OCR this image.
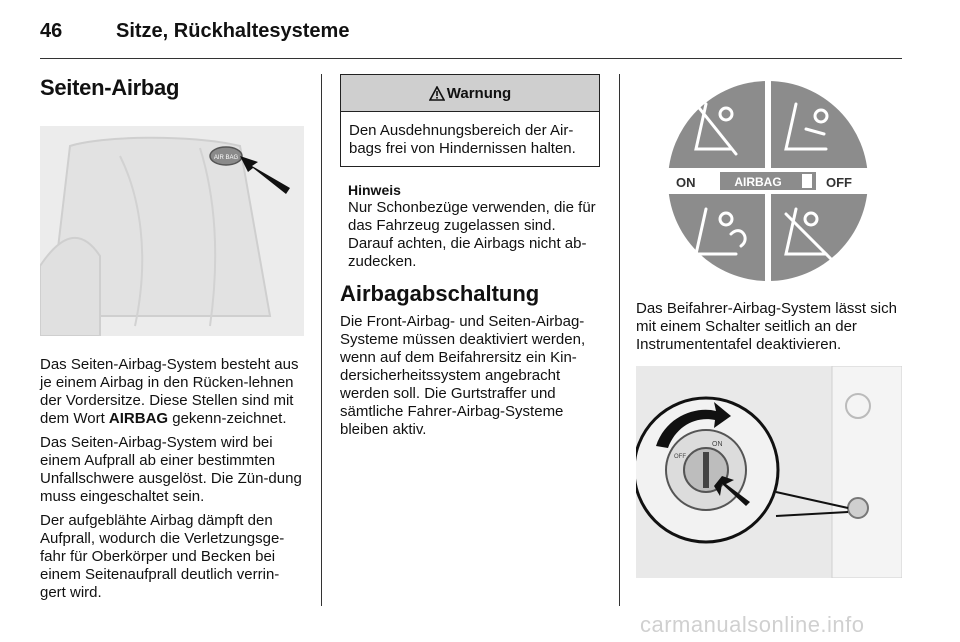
46	Sitze, Rückhaltesysteme
Seiten-Airbag
AIR BAG

Das Seiten-Airbag-System besteht aus je einem Airbag in den Rücken-lehnen der Vordersitze. Diese Stellen sind mit dem Wort AIRBAG gekenn-zeichnet.

Das Seiten-Airbag-System wird bei einem Aufprall ab einer bestimmten Unfallschwere ausgelöst. Die Zün-dung muss eingeschaltet sein.

Der aufgeblähte Airbag dämpft den Aufprall, wodurch die Verletzungsge-fahr für Oberkörper und Becken bei einem Seitenaufprall deutlich verrin-gert wird.

Warnung
Den Ausdehnungsbereich der Air-bags frei von Hindernissen halten.
Hinweis
Nur Schonbezüge verwenden, die für das Fahrzeug zugelassen sind. Darauf achten, die Airbags nicht ab-zudecken.
Airbagabschaltung

Die Front-Airbag- und Seiten-Airbag-Systeme müssen deaktiviert werden, wenn auf dem Beifahrersitz ein Kin-dersicherheitssystem angebracht werden soll. Die Gurtstraffer und sämtliche Fahrer-Airbag-Systeme bleiben aktiv.

ON	AIRBAG	OFF

Das Beifahrer-Airbag-System lässt sich mit einem Schalter seitlich an der Instrumententafel deaktivieren.

ON
OFF
carmanualsonline.info
